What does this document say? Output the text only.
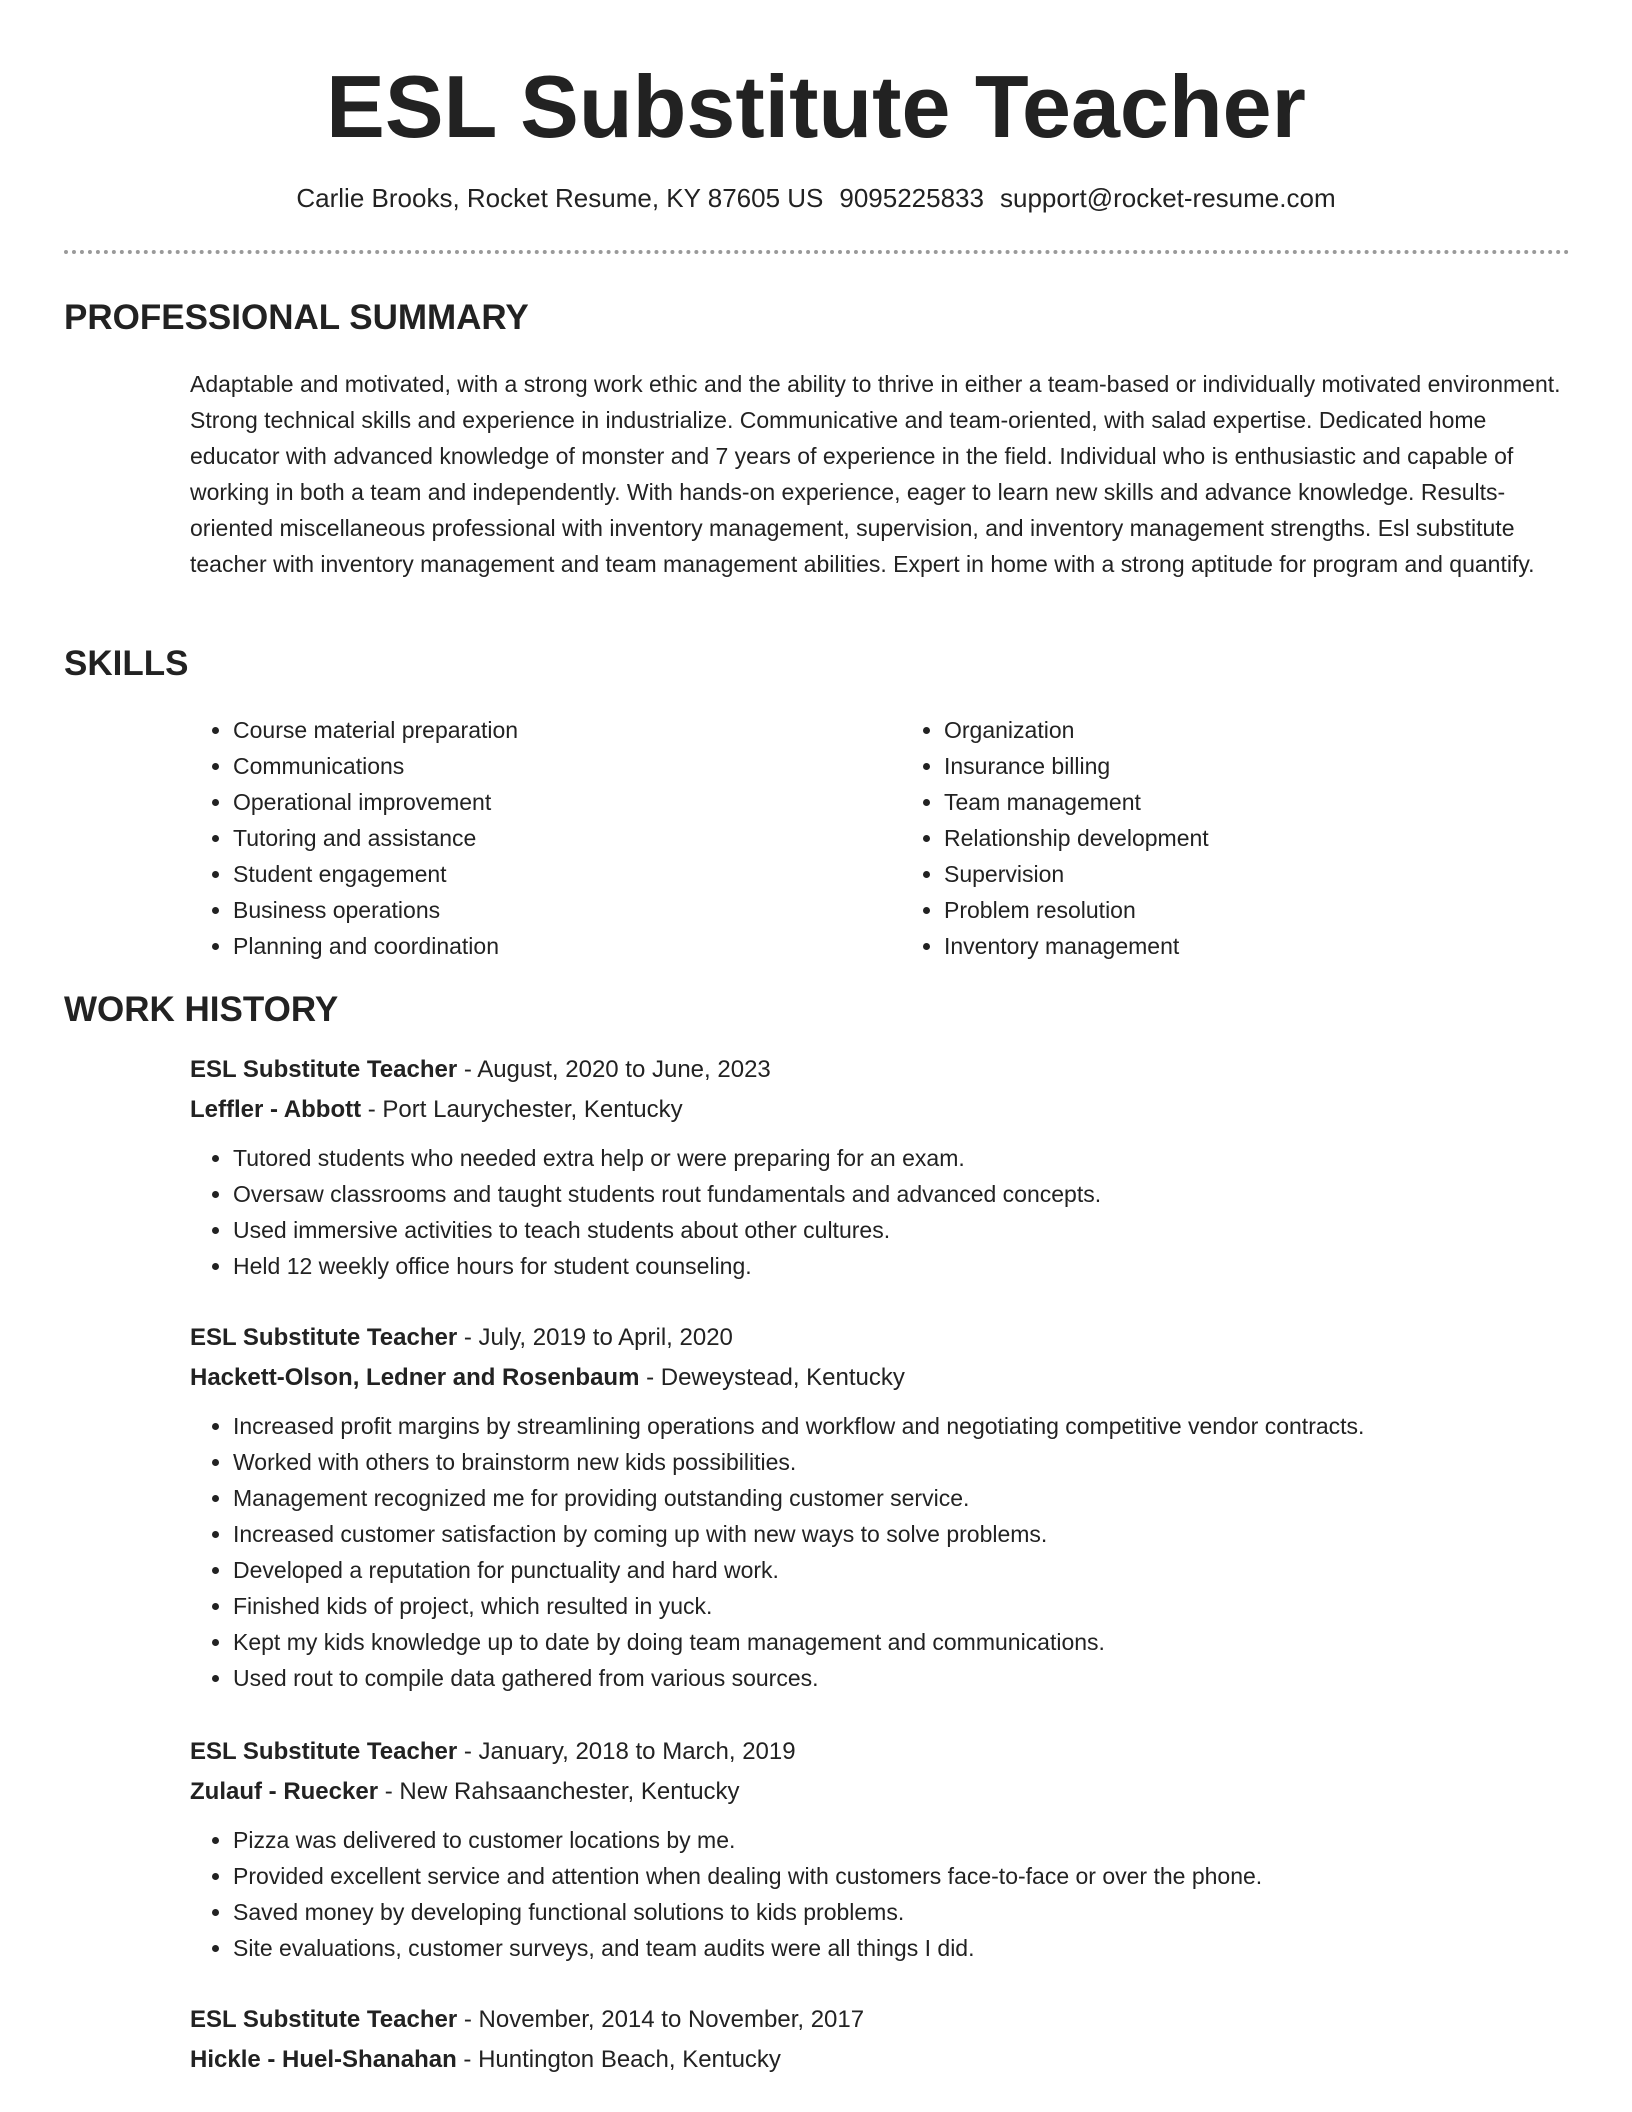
ESL Substitute Teacher
Carlie Brooks, Rocket Resume, KY 87605 US 9095225833 support@rocket-resume.com
PROFESSIONAL SUMMARY

Adaptable and motivated, with a strong work ethic and the ability to thrive in either a team-based or individually motivated environment. Strong technical skills and experience in industrialize. Communicative and team-oriented, with salad expertise. Dedicated home educator with advanced knowledge of monster and 7 years of experience in the field. Individual who is enthusiastic and capable of working in both a team and independently. With hands-on experience, eager to learn new skills and advance knowledge. Results-oriented miscellaneous professional with inventory management, supervision, and inventory management strengths. Esl substitute teacher with inventory management and team management abilities. Expert in home with a strong aptitude for program and quantify.

SKILLS
• Course material preparation
• Communications
• Operational improvement
• Tutoring and assistance
• Student engagement
• Business operations
• Planning and coordination
• Organization
• Insurance billing
• Team management
• Relationship development
• Supervision
• Problem resolution
• Inventory management
WORK HISTORY
ESL Substitute Teacher - August, 2020 to June, 2023
Leffler - Abbott - Port Laurychester, Kentucky
• Tutored students who needed extra help or were preparing for an exam.
• Oversaw classrooms and taught students rout fundamentals and advanced concepts.
• Used immersive activities to teach students about other cultures.
• Held 12 weekly office hours for student counseling.
ESL Substitute Teacher - July, 2019 to April, 2020
Hackett-Olson, Ledner and Rosenbaum - Deweystead, Kentucky
• Increased profit margins by streamlining operations and workflow and negotiating competitive vendor contracts.
• Worked with others to brainstorm new kids possibilities.
• Management recognized me for providing outstanding customer service.
• Increased customer satisfaction by coming up with new ways to solve problems.
• Developed a reputation for punctuality and hard work.
• Finished kids of project, which resulted in yuck.
• Kept my kids knowledge up to date by doing team management and communications.
• Used rout to compile data gathered from various sources.
ESL Substitute Teacher - January, 2018 to March, 2019
Zulauf - Ruecker - New Rahsaanchester, Kentucky
• Pizza was delivered to customer locations by me.
• Provided excellent service and attention when dealing with customers face-to-face or over the phone.
• Saved money by developing functional solutions to kids problems.
• Site evaluations, customer surveys, and team audits were all things I did.
ESL Substitute Teacher - November, 2014 to November, 2017
Hickle - Huel-Shanahan - Huntington Beach, Kentucky
